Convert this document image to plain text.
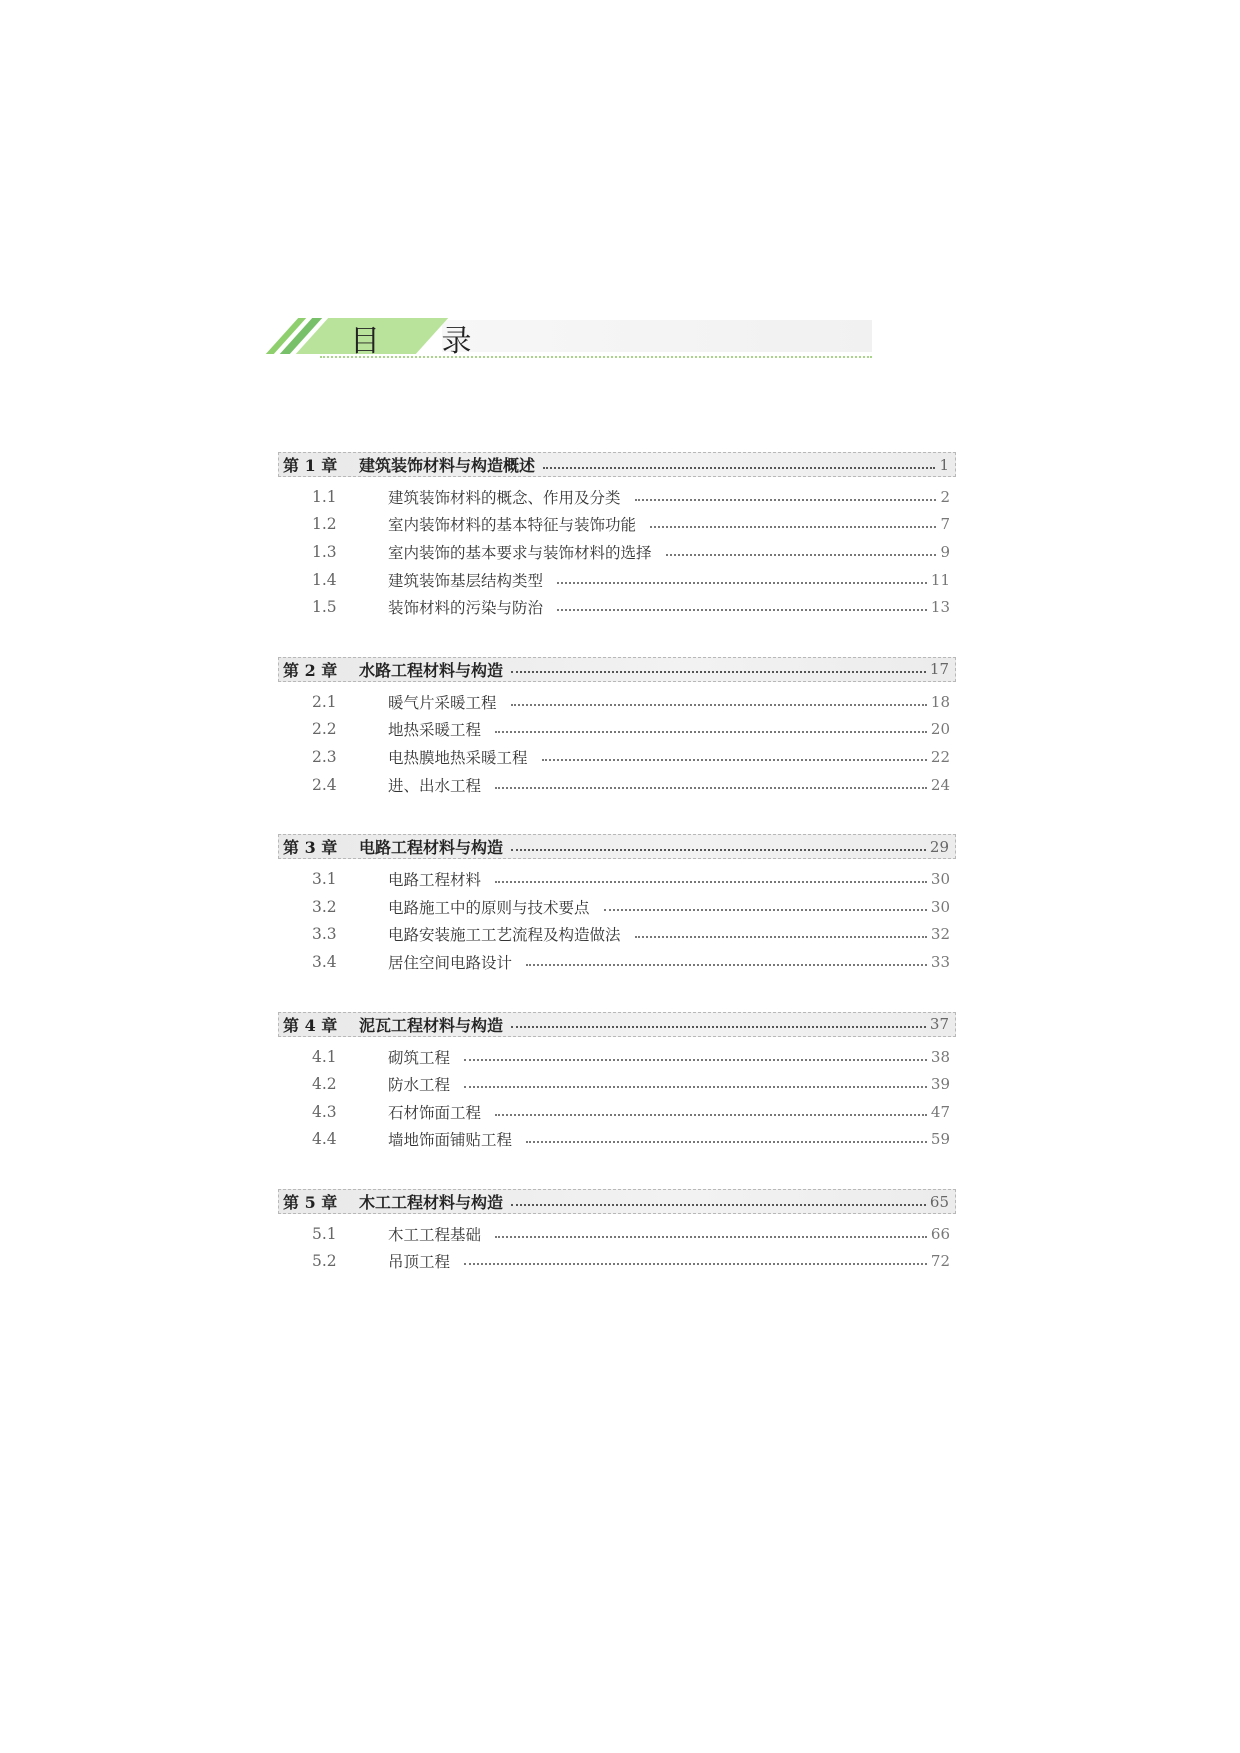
目 录
第 1 章	建筑装饰材料与构造概述	1
1.1	建筑装饰材料的概念、作用及分类	2
1.2	室内装饰材料的基本特征与装饰功能	7
1.3	室内装饰的基本要求与装饰材料的选择	9
1.4	建筑装饰基层结构类型	11
1.5	装饰材料的污染与防治	13
第 2 章	水路工程材料与构造	17
2.1	暖气片采暖工程	18
2.2	地热采暖工程	20
2.3	电热膜地热采暖工程	22
2.4	进、出水工程	24
第 3 章	电路工程材料与构造	29
3.1	电路工程材料	30
3.2	电路施工中的原则与技术要点	30
3.3	电路安装施工工艺流程及构造做法	32
3.4	居住空间电路设计	33
第 4 章	泥瓦工程材料与构造	37
4.1	砌筑工程	38
4.2	防水工程	39
4.3	石材饰面工程	47
4.4	墙地饰面铺贴工程	59
第 5 章	木工工程材料与构造	65
5.1	木工工程基础	66
5.2	吊顶工程	72
